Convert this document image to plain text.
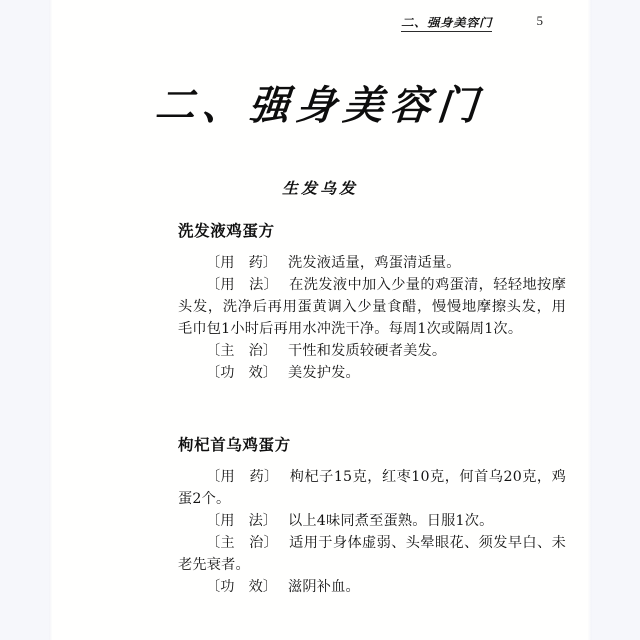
二、强身美容门	5
二、强身美容门
生发乌发
洗发液鸡蛋方

〔用　药〕 洗发液适量，鸡蛋清适量。

〔用　法〕 在洗发液中加入少量的鸡蛋清，轻轻地按摩头发，洗净后再用蛋黄调入少量食醋，慢慢地摩擦头发，用毛巾包1小时后再用水冲洗干净。每周1次或隔周1次。

〔主　治〕 干性和发质较硬者美发。

〔功　效〕 美发护发。

枸杞首乌鸡蛋方

〔用　药〕 枸杞子15克，红枣10克，何首乌20克，鸡蛋2个。

〔用　法〕 以上4味同煮至蛋熟。日服1次。

〔主　治〕 适用于身体虚弱、头晕眼花、须发早白、未老先衰者。

〔功　效〕 滋阴补血。
